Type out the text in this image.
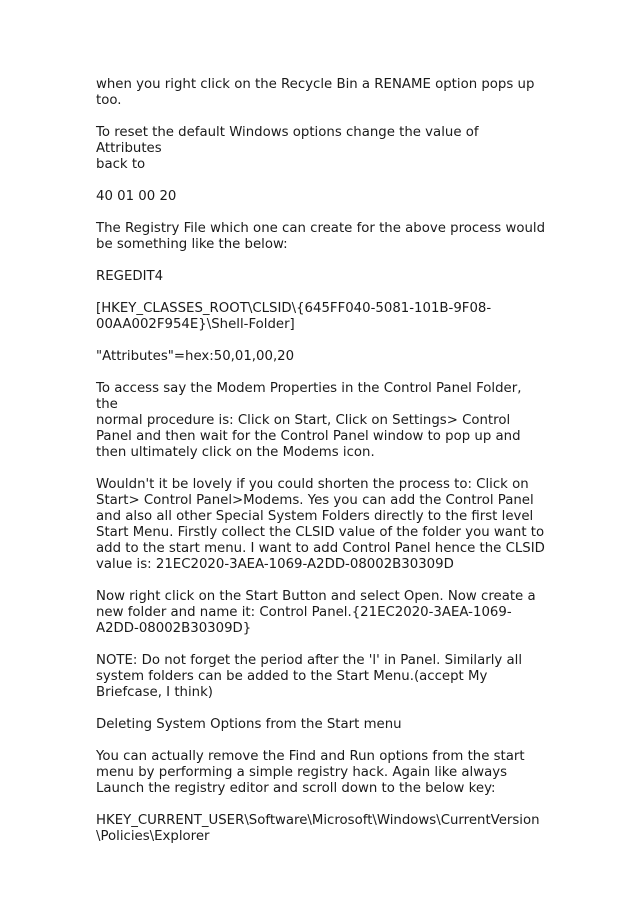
when you right click on the Recycle Bin a RENAME option pops up
too.

To reset the default Windows options change the value of Attributes
back to

40 01 00 20

The Registry File which one can create for the above process would
be something like the below:

REGEDIT4

[HKEY_CLASSES_ROOT\CLSID\{645FF040-5081-101B-9F08-
00AA002F954E}\Shell-Folder]

"Attributes"=hex:50,01,00,20

To access say the Modem Properties in the Control Panel Folder, the
normal procedure is: Click on Start, Click on Settings> Control
Panel and then wait for the Control Panel window to pop up and
then ultimately click on the Modems icon.

Wouldn't it be lovely if you could shorten the process to: Click on
Start> Control Panel>Modems. Yes you can add the Control Panel
and also all other Special System Folders directly to the first level
Start Menu. Firstly collect the CLSID value of the folder you want to
add to the start menu. I want to add Control Panel hence the CLSID
value is: 21EC2020-3AEA-1069-A2DD-08002B30309D

Now right click on the Start Button and select Open. Now create a
new folder and name it: Control Panel.{21EC2020-3AEA-1069-
A2DD-08002B30309D}

NOTE: Do not forget the period after the 'l' in Panel. Similarly all
system folders can be added to the Start Menu.(accept My
Briefcase, I think)

Deleting System Options from the Start menu

You can actually remove the Find and Run options from the start
menu by performing a simple registry hack. Again like always
Launch the registry editor and scroll down to the below key:

HKEY_CURRENT_USER\Software\Microsoft\Windows\CurrentVersion
\Policies\Explorer
